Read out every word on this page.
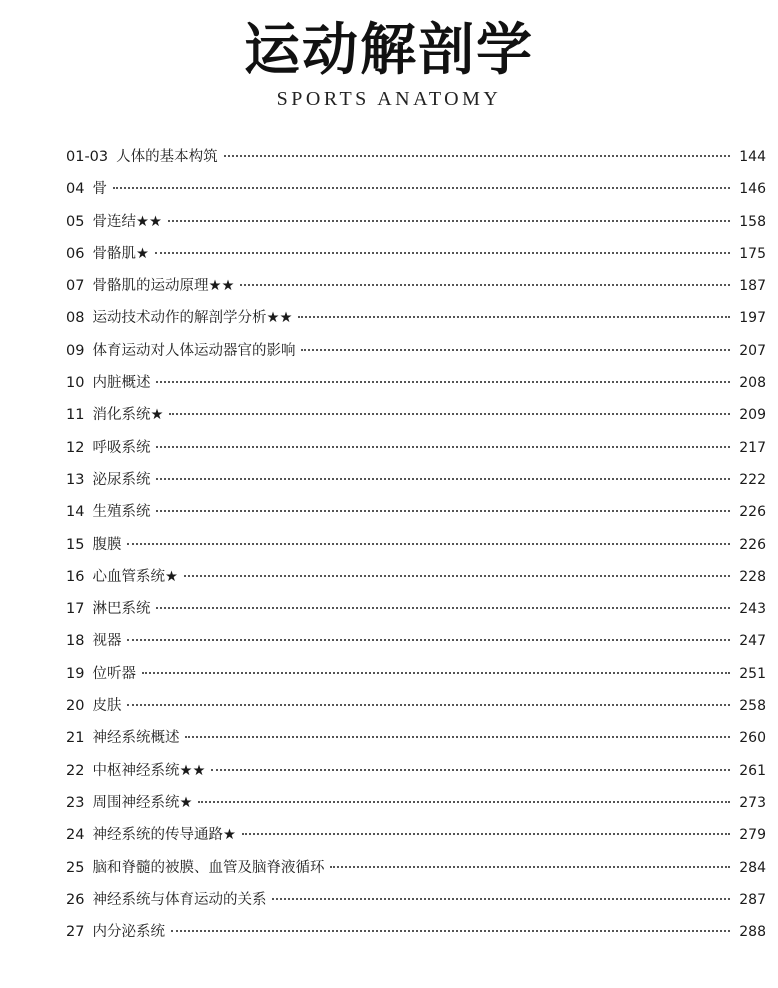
运动解剖学
SPORTS ANATOMY
01-03 人体的基本构筑	144
04 骨	146
05 骨连结★★	158
06 骨骼肌★	175
07 骨骼肌的运动原理★★	187
08 运动技术动作的解剖学分析★★	197
09 体育运动对人体运动器官的影响	207
10 内脏概述	208
11 消化系统★	209
12 呼吸系统	217
13 泌尿系统	222
14 生殖系统	226
15 腹膜	226
16 心血管系统★	228
17 淋巴系统	243
18 视器	247
19 位听器	251
20 皮肤	258
21 神经系统概述	260
22 中枢神经系统★★	261
23 周围神经系统★	273
24 神经系统的传导通路★	279
25 脑和脊髓的被膜、血管及脑脊液循环	284
26 神经系统与体育运动的关系	287
27 内分泌系统	288
